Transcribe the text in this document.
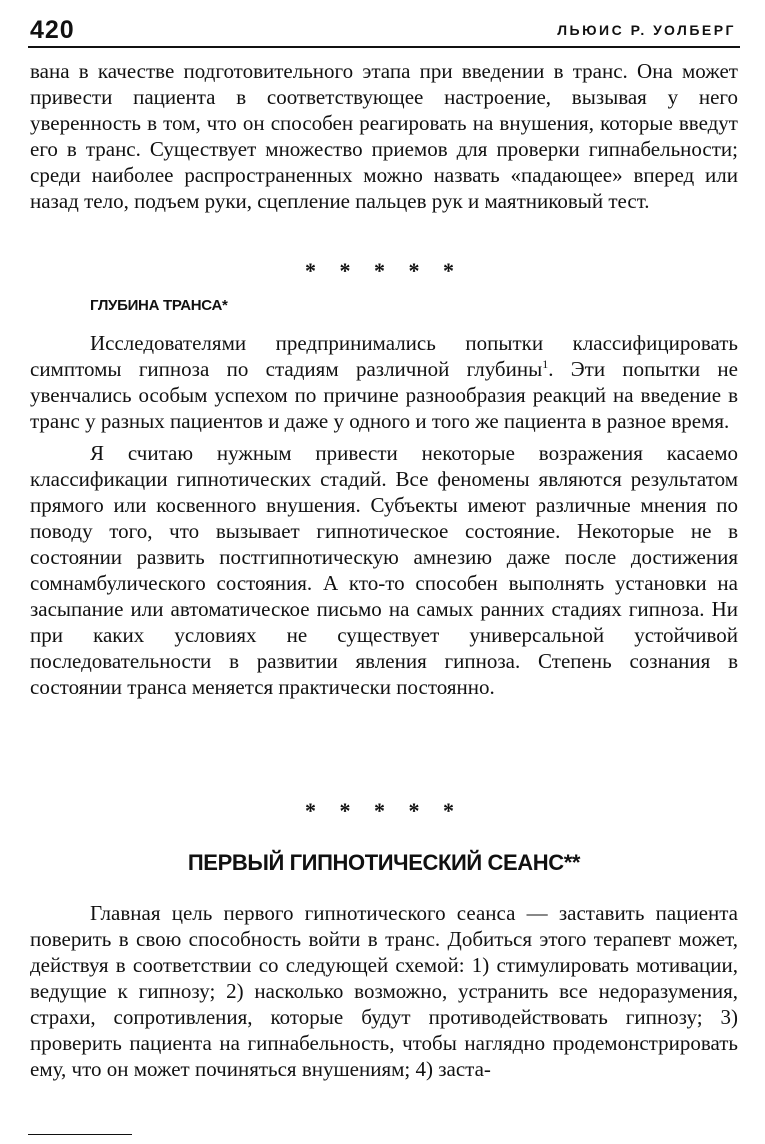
420	ЛЬЮИС Р. УОЛБЕРГ

вана в качестве подготовительного этапа при введении в транс. Она может привести пациента в соответствующее настроение, вызывая у него уверенность в том, что он способен реагировать на внушения, которые введут его в транс. Существует множество приемов для проверки гипнабельности; среди наиболее распространенных можно назвать «падающее» вперед или назад тело, подъем руки, сцепление пальцев рук и маятниковый тест.

* * * * *
ГЛУБИНА ТРАНСА*

Исследователями предпринимались попытки классифицировать симптомы гипноза по стадиям различной глубины$^1$. Эти попытки не увенчались особым успехом по причине разнообразия реакций на введение в транс у разных пациентов и даже у одного и того же пациента в разное время.

Я считаю нужным привести некоторые возражения касаемо классификации гипнотических стадий. Все феномены являются результатом прямого или косвенного внушения. Субъекты имеют различные мнения по поводу того, что вызывает гипнотическое состояние. Некоторые не в состоянии развить постгипнотическую амнезию даже после достижения сомнамбулического состояния. А кто-то способен выполнять установки на засыпание или автоматическое письмо на самых ранних стадиях гипноза. Ни при каких условиях не существует универсальной устойчивой последовательности в развитии явления гипноза. Степень сознания в состоянии транса меняется практически постоянно.

* * * * *
ПЕРВЫЙ ГИПНОТИЧЕСКИЙ СЕАНС**

Главная цель первого гипнотического сеанса — заставить пациента поверить в свою способность войти в транс. Добиться этого терапевт может, действуя в соответствии со следующей схемой: 1) стимулировать мотивации, ведущие к гипнозу; 2) насколько возможно, устранить все недоразумения, страхи, сопротивления, которые будут противодействовать гипнозу; 3) проверить пациента на гипнабельность, чтобы наглядно продемонстрировать ему, что он может починяться внушениям; 4) заста-
